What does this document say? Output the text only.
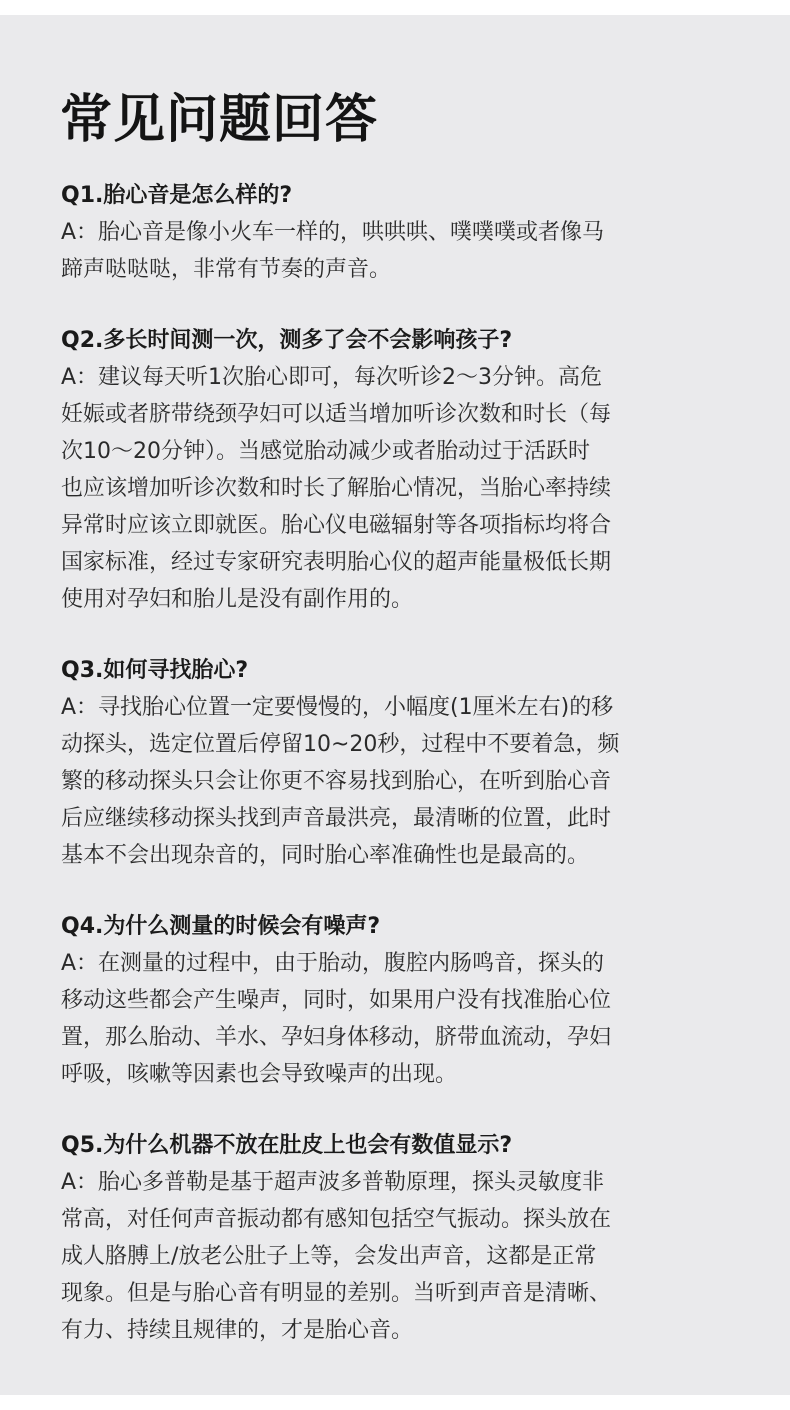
常见问题回答

Q1.胎心音是怎么样的?

A：胎心音是像小火车一样的，哄哄哄、噗噗噗或者像马

蹄声哒哒哒，非常有节奏的声音。

Q2.多长时间测一次，测多了会不会影响孩子?

A：建议每天听1次胎心即可，每次听诊2～3分钟。高危

妊娠或者脐带绕颈孕妇可以适当增加听诊次数和时长（每

次10～20分钟）。当感觉胎动减少或者胎动过于活跃时

也应该增加听诊次数和时长了解胎心情况，当胎心率持续

异常时应该立即就医。胎心仪电磁辐射等各项指标均将合

国家标准，经过专家研究表明胎心仪的超声能量极低长期

使用对孕妇和胎儿是没有副作用的。

Q3.如何寻找胎心?

A：寻找胎心位置一定要慢慢的，小幅度(1厘米左右)的移

动探头，选定位置后停留10~20秒，过程中不要着急，频

繁的移动探头只会让你更不容易找到胎心，在听到胎心音

后应继续移动探头找到声音最洪亮，最清晰的位置，此时

基本不会出现杂音的，同时胎心率准确性也是最高的。

Q4.为什么测量的时候会有噪声?

A：在测量的过程中，由于胎动，腹腔内肠鸣音，探头的

移动这些都会产生噪声，同时，如果用户没有找准胎心位

置，那么胎动、羊水、孕妇身体移动，脐带血流动，孕妇

呼吸，咳嗽等因素也会导致噪声的出现。

Q5.为什么机器不放在肚皮上也会有数值显示?

A：胎心多普勒是基于超声波多普勒原理，探头灵敏度非

常高，对任何声音振动都有感知包括空气振动。探头放在

成人胳膊上/放老公肚子上等，会发出声音，这都是正常

现象。但是与胎心音有明显的差别。当听到声音是清晰、

有力、持续且规律的，才是胎心音。
